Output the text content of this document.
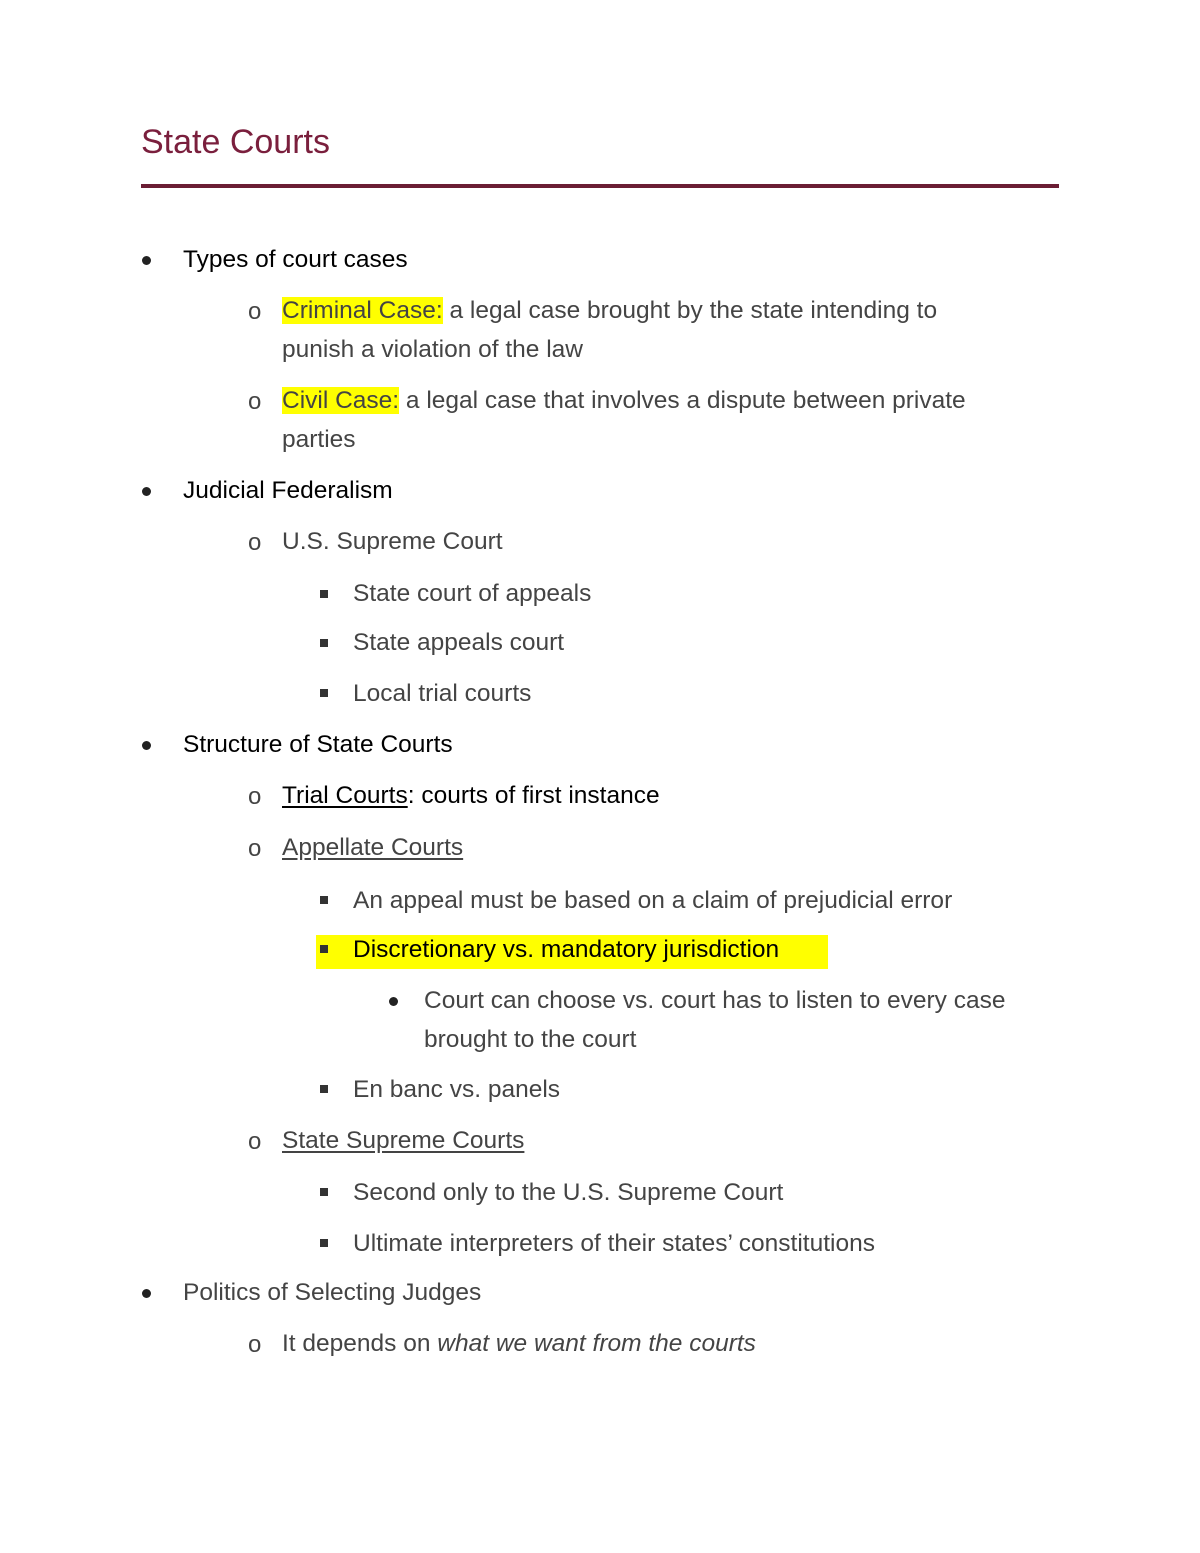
State Courts
Types of court cases
o Criminal Case: a legal case brought by the state intending to
punish a violation of the law
o Civil Case: a legal case that involves a dispute between private
parties
Judicial Federalism
o U.S. Supreme Court
State court of appeals
State appeals court
Local trial courts
Structure of State Courts
o Trial Courts: courts of first instance
o Appellate Courts
An appeal must be based on a claim of prejudicial error
Discretionary vs. mandatory jurisdiction
Court can choose vs. court has to listen to every case
brought to the court
En banc vs. panels
o State Supreme Courts
Second only to the U.S. Supreme Court
Ultimate interpreters of their states’ constitutions
Politics of Selecting Judges
o It depends on what we want from the courts
